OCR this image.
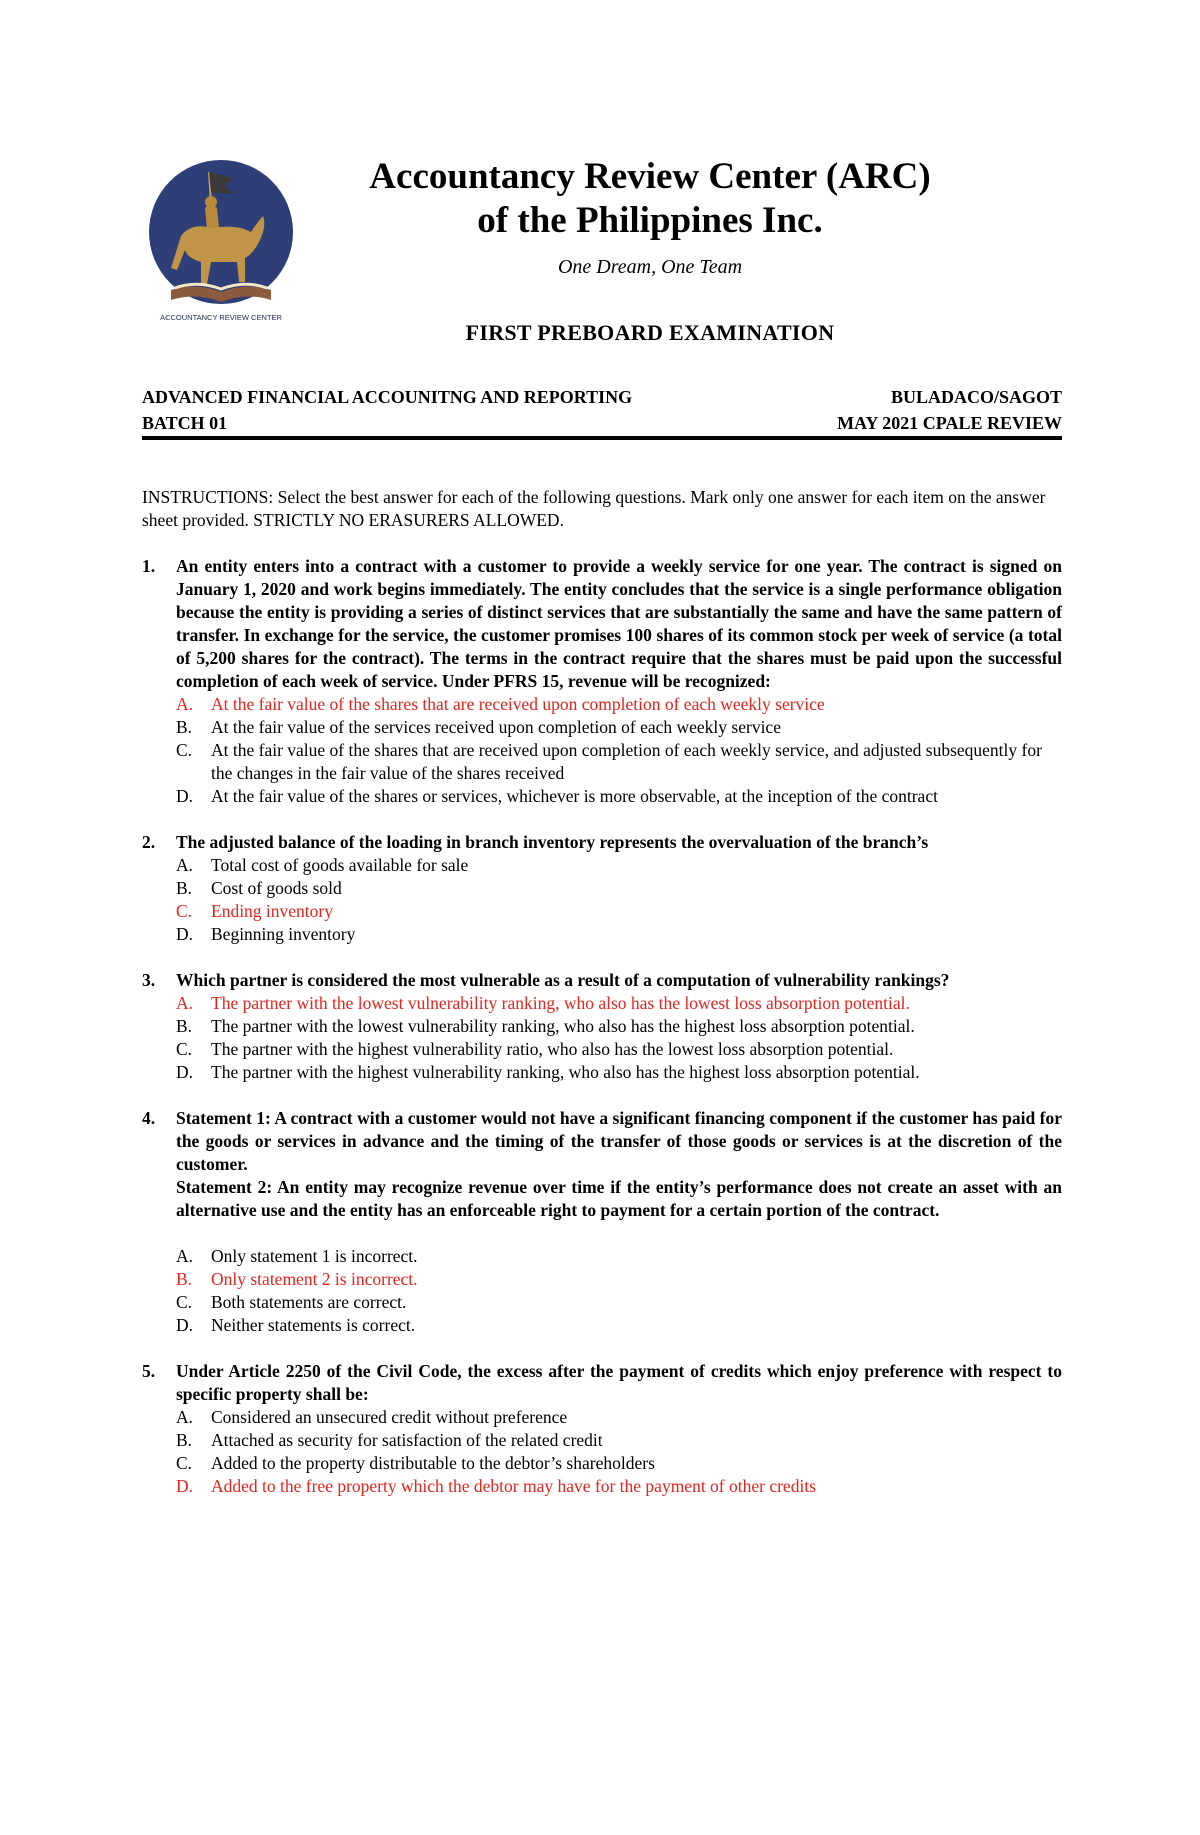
ACCOUNTANCY REVIEW CENTER
Accountancy Review Center (ARC)
of the Philippines Inc.
One Dream, One Team
FIRST PREBOARD EXAMINATION
ADVANCED FINANCIAL ACCOUNITNG AND REPORTING	BULADACO/SAGOT
BATCH 01	MAY 2021 CPALE REVIEW
INSTRUCTIONS: Select the best answer for each of the following questions. Mark only one answer for each item on the answer sheet provided. STRICTLY NO ERASURERS ALLOWED.
1. An entity enters into a contract with a customer to provide a weekly service for one year. The contract is signed on January 1, 2020 and work begins immediately. The entity concludes that the service is a single performance obligation because the entity is providing a series of distinct services that are substantially the same and have the same pattern of transfer. In exchange for the service, the customer promises 100 shares of its common stock per week of service (a total of 5,200 shares for the contract). The terms in the contract require that the shares must be paid upon the successful completion of each week of service. Under PFRS 15, revenue will be recognized:
A. At the fair value of the shares that are received upon completion of each weekly service
B. At the fair value of the services received upon completion of each weekly service
C. At the fair value of the shares that are received upon completion of each weekly service, and adjusted subsequently for the changes in the fair value of the shares received
D. At the fair value of the shares or services, whichever is more observable, at the inception of the contract
2. The adjusted balance of the loading in branch inventory represents the overvaluation of the branch’s
A. Total cost of goods available for sale
B. Cost of goods sold
C. Ending inventory
D. Beginning inventory
3. Which partner is considered the most vulnerable as a result of a computation of vulnerability rankings?
A. The partner with the lowest vulnerability ranking, who also has the lowest loss absorption potential.
B. The partner with the lowest vulnerability ranking, who also has the highest loss absorption potential.
C. The partner with the highest vulnerability ratio, who also has the lowest loss absorption potential.
D. The partner with the highest vulnerability ranking, who also has the highest loss absorption potential.
4. Statement 1: A contract with a customer would not have a significant financing component if the customer has paid for the goods or services in advance and the timing of the transfer of those goods or services is at the discretion of the customer.
Statement 2: An entity may recognize revenue over time if the entity’s performance does not create an asset with an alternative use and the entity has an enforceable right to payment for a certain portion of the contract.
A. Only statement 1 is incorrect.
B. Only statement 2 is incorrect.
C. Both statements are correct.
D. Neither statements is correct.
5. Under Article 2250 of the Civil Code, the excess after the payment of credits which enjoy preference with respect to specific property shall be:
A. Considered an unsecured credit without preference
B. Attached as security for satisfaction of the related credit
C. Added to the property distributable to the debtor’s shareholders
D. Added to the free property which the debtor may have for the payment of other credits
